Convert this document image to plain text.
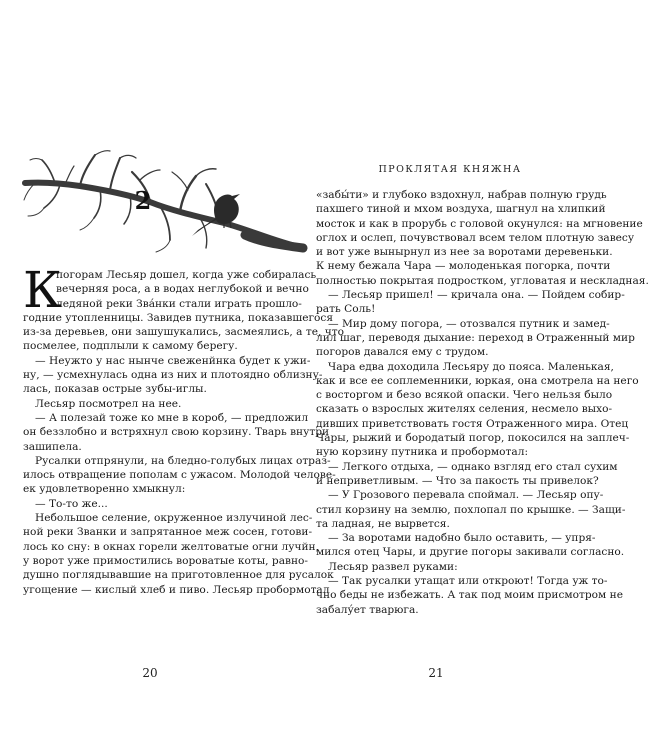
2
К

погорам Лесьяр дошел, когда уже собиралась

вечерняя роса, а в водах неглубокой и вечно

ледяной реки Зва́нки стали играть прошло-

годние утопленницы. Завидев путника, показавшегося

из-за деревьев, они зашушукались, засмеялись, а те, что

посмелее, подплыли к самому берегу.

— Неужто у нас нынче свеженйнка будет к ужи-

ну, — усмехнулась одна из них и плотоядно облизну-

лась, показав острые зубы-иглы.

Лесьяр посмотрел на нее.

— А полезай тоже ко мне в короб, — предложил

он беззлобно и встряхнул свою корзину. Тварь внутри

зашипела.

Русалки отпрянули, на бледно-голубых лицах отраз-

илось отвращение пополам с ужасом. Молодой челове-

ек удовлетворенно хмыкнул:

— То-то же...

Небольшое селение, окруженное излучиной лес-

ной реки Званки и запрятанное меж сосен, готови-

лось ко сну: в окнах горели желтоватые огни лучйн,

у ворот уже примостились вороватые коты, равно-

душно поглядывавшие на приготовленное для русалок

угощение — кислый хлеб и пиво. Лесьяр пробормотал

20
ПРОКЛЯТАЯ КНЯЖНА

«забы́ти» и глубоко вздохнул, набрав полную грудь

пахшего тиной и мхом воздуха, шагнул на хлипкий

мосток и как в прорубь с головой окунулся: на мгновение

оглох и ослеп, почувствовал всем телом плотную завесу

и вот уже вынырнул из нее за воротами деревеньки.

К нему бежала Чара — молоденькая погорка, почти

полностью покрытая подростком, угловатая и нескладная.

— Лесьяр пришел! — кричала она. — Пойдем собир-

рать Соль!

— Мир дому погора, — отозвался путник и замед-

лил шаг, переводя дыхание: переход в Отраженный мир

погоров давался ему с трудом.

Чара едва доходила Лесьяру до пояса. Маленькая,

как и все ее соплеменники, юркая, она смотрела на него

с восторгом и безо всякой опаски. Чего нельзя было

сказать о взрослых жителях селения, несмело выхо-

дивших приветствовать гостя Отраженного мира. Отец

Чары, рыжий и бородатый погор, покосился на заплеч-

ную корзину путника и пробормотал:

— Легкого отдыха, — однако взгляд его стал сухим

и неприветливым. — Что за пакость ты привелок?

— У Грозового перевала споймал. — Лесьяр опу-

стил корзину на землю, похлопал по крышке. — Защи-

та ладная, не вырвется.

— За воротами надобно было оставить, — упря-

мился отец Чары, и другие погоры закивали согласно.

Лесьяр развел руками:

— Так русалки утащат или откроют! Тогда уж то-

чно беды не избежать. А так под моим присмотром не

забалу́ет тварюга.

21
